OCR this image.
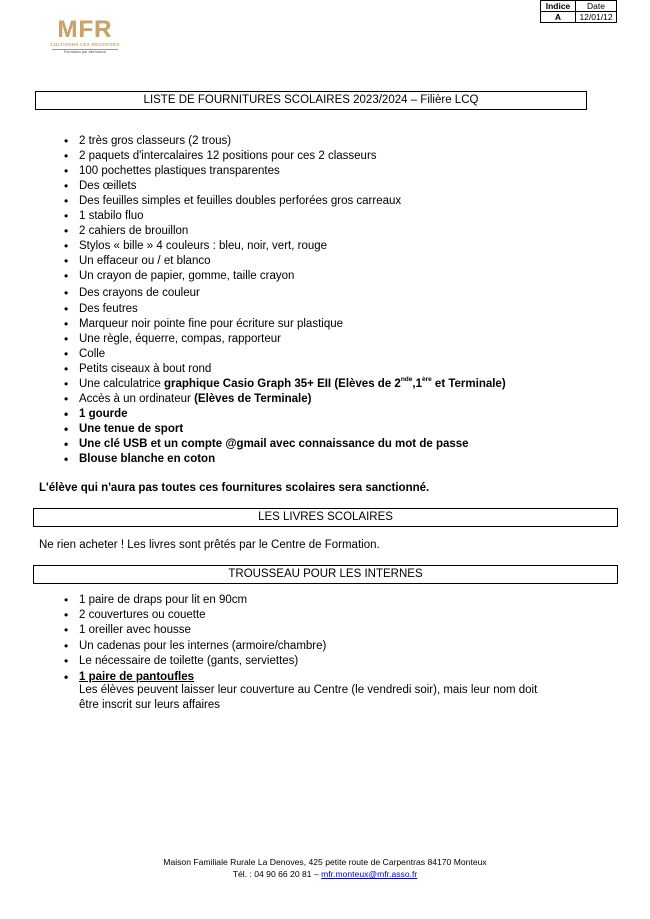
MFR
CULTIVONS LES RÉUSSITES
Formation par alternance
Indice	Date
A	12/01/12
LISTE DE FOURNITURES SCOLAIRES 2023/2024 – Filière LCQ
• 2 très gros classeurs (2 trous)
• 2 paquets d'intercalaires 12 positions pour ces 2 classeurs
• 100 pochettes plastiques transparentes
• Des œillets
• Des feuilles simples et feuilles doubles perforées gros carreaux
• 1 stabilo fluo
• 2 cahiers de brouillon
• Stylos « bille » 4 couleurs : bleu, noir, vert, rouge
• Un effaceur ou / et blanco
• Un crayon de papier, gomme, taille crayon
• Des crayons de couleur
• Des feutres
• Marqueur noir pointe fine pour écriture sur plastique
• Une règle, équerre, compas, rapporteur
• Colle
• Petits ciseaux à bout rond
• Une calculatrice graphique Casio Graph 35+ EII (Elèves de 2nde,1ère et Terminale)
• Accès à un ordinateur (Elèves de Terminale)
• 1 gourde
• Une tenue de sport
• Une clé USB et un compte @gmail avec connaissance du mot de passe
• Blouse blanche en coton
L'élève qui n'aura pas toutes ces fournitures scolaires sera sanctionné.
LES LIVRES SCOLAIRES
Ne rien acheter ! Les livres sont prêtés par le Centre de Formation.
TROUSSEAU POUR LES INTERNES
• 1 paire de draps pour lit en 90cm
• 2 couvertures ou couette
• 1 oreiller avec housse
• Un cadenas pour les internes (armoire/chambre)
• Le nécessaire de toilette (gants, serviettes)
• 1 paire de pantoufles
Les élèves peuvent laisser leur couverture au Centre (le vendredi soir), mais leur nom doit
être inscrit sur leurs affaires
Maison Familiale Rurale La Denoves, 425 petite route de Carpentras 84170 Monteux
Tél. : 04 90 66 20 81 – mfr.monteux@mfr.asso.fr
